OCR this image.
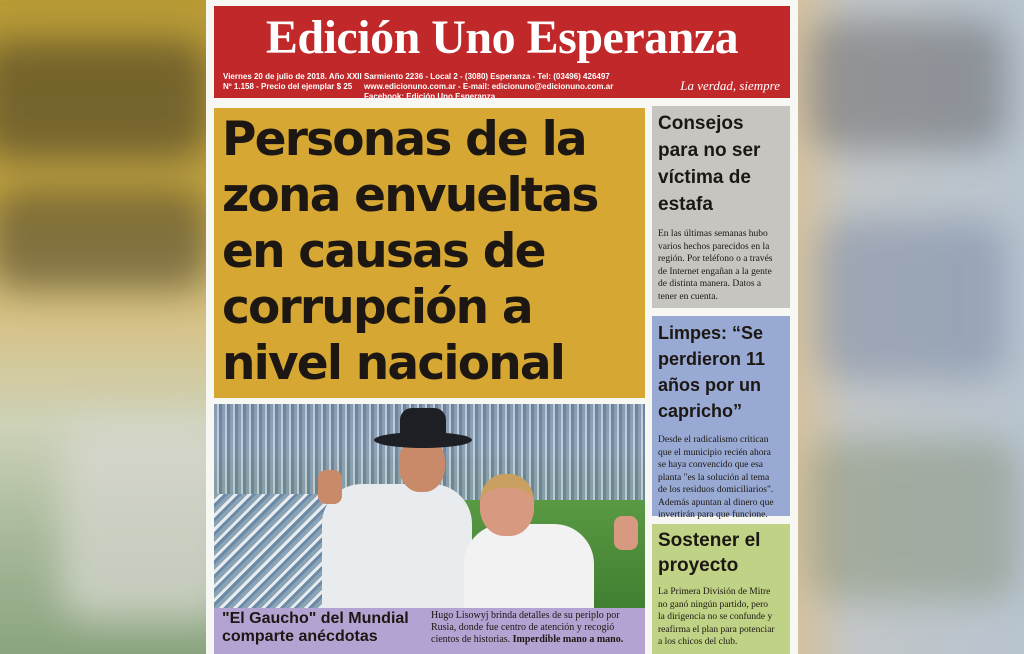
Edición Uno Esperanza
Viernes 20 de julio de 2018. Año XXII
Nº 1.158 - Precio del ejemplar $ 25
Sarmiento 2236 - Local 2 - (3080) Esperanza - Tel: (03496) 426497
www.edicionuno.com.ar - E-mail: edicionuno@edicionuno.com.ar
Facebook: Edición Uno Esperanza
La verdad, siempre
Personas de la
zona envueltas
en causas de
corrupción a
nivel nacional
"El Gaucho" del Mundial
comparte anécdotas
Hugo Lisowyj brinda detalles de su periplo por
Rusia, donde fue centro de atención y recogió
cientos de historias. Imperdible mano a mano.
Consejos
para no ser
víctima de
estafa
En las últimas semanas hubo
varios hechos parecidos en la
región. Por teléfono o a través
de Internet engañan a la gente
de distinta manera. Datos a
tener en cuenta.
Limpes: “Se
perdieron 11
años por un
capricho”
Desde el radicalismo critican
que el municipio recién ahora
se haya convencido que esa
planta "es la solución al tema
de los residuos domiciliarios".
Además apuntan al dinero que
invertirán para que funcione.
Sostener el
proyecto
La Primera División de Mitre
no ganó ningún partido, pero
la dirigencia no se confunde y
reafirma el plan para potenciar
a los chicos del club.
